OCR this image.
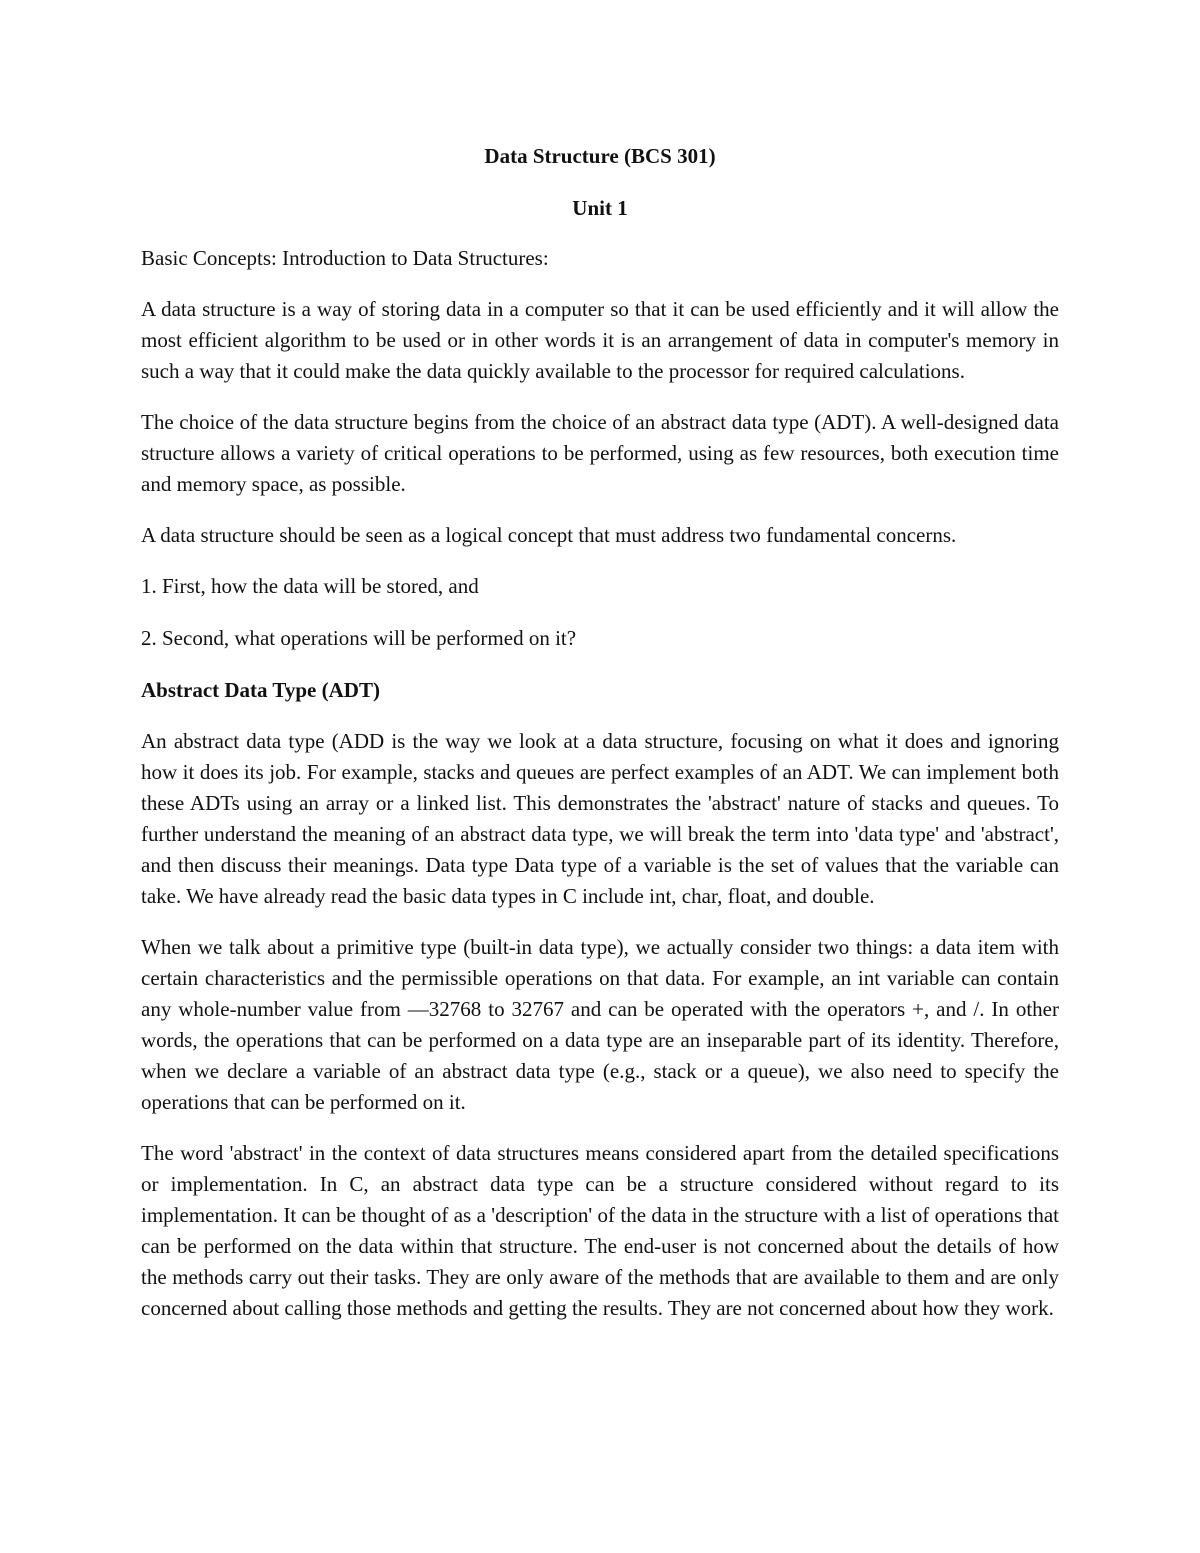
Data Structure (BCS 301)
Unit 1

Basic Concepts: Introduction to Data Structures:

A data structure is a way of storing data in a computer so that it can be used efficiently and it will allow the most efficient algorithm to be used or in other words it is an arrangement of data in computer's memory in such a way that it could make the data quickly available to the processor for required calculations.

The choice of the data structure begins from the choice of an abstract data type (ADT). A well-designed data structure allows a variety of critical operations to be performed, using as few resources, both execution time and memory space, as possible.

A data structure should be seen as a logical concept that must address two fundamental concerns.

1. First, how the data will be stored, and

2. Second, what operations will be performed on it?

Abstract Data Type (ADT)

An abstract data type (ADD is the way we look at a data structure, focusing on what it does and ignoring how it does its job. For example, stacks and queues are perfect examples of an ADT. We can implement both these ADTs using an array or a linked list. This demonstrates the 'abstract' nature of stacks and queues. To further understand the meaning of an abstract data type, we will break the term into 'data type' and 'abstract', and then discuss their meanings. Data type Data type of a variable is the set of values that the variable can take. We have already read the basic data types in C include int, char, float, and double.

When we talk about a primitive type (built-in data type), we actually consider two things: a data item with certain characteristics and the permissible operations on that data. For example, an int variable can contain any whole-number value from —32768 to 32767 and can be operated with the operators +, and /. In other words, the operations that can be performed on a data type are an inseparable part of its identity. Therefore, when we declare a variable of an abstract data type (e.g., stack or a queue), we also need to specify the operations that can be performed on it.

The word 'abstract' in the context of data structures means considered apart from the detailed specifications or implementation. In C, an abstract data type can be a structure considered without regard to its implementation. It can be thought of as a 'description' of the data in the structure with a list of operations that can be performed on the data within that structure. The end-user is not concerned about the details of how the methods carry out their tasks. They are only aware of the methods that are available to them and are only concerned about calling those methods and getting the results. They are not concerned about how they work.
